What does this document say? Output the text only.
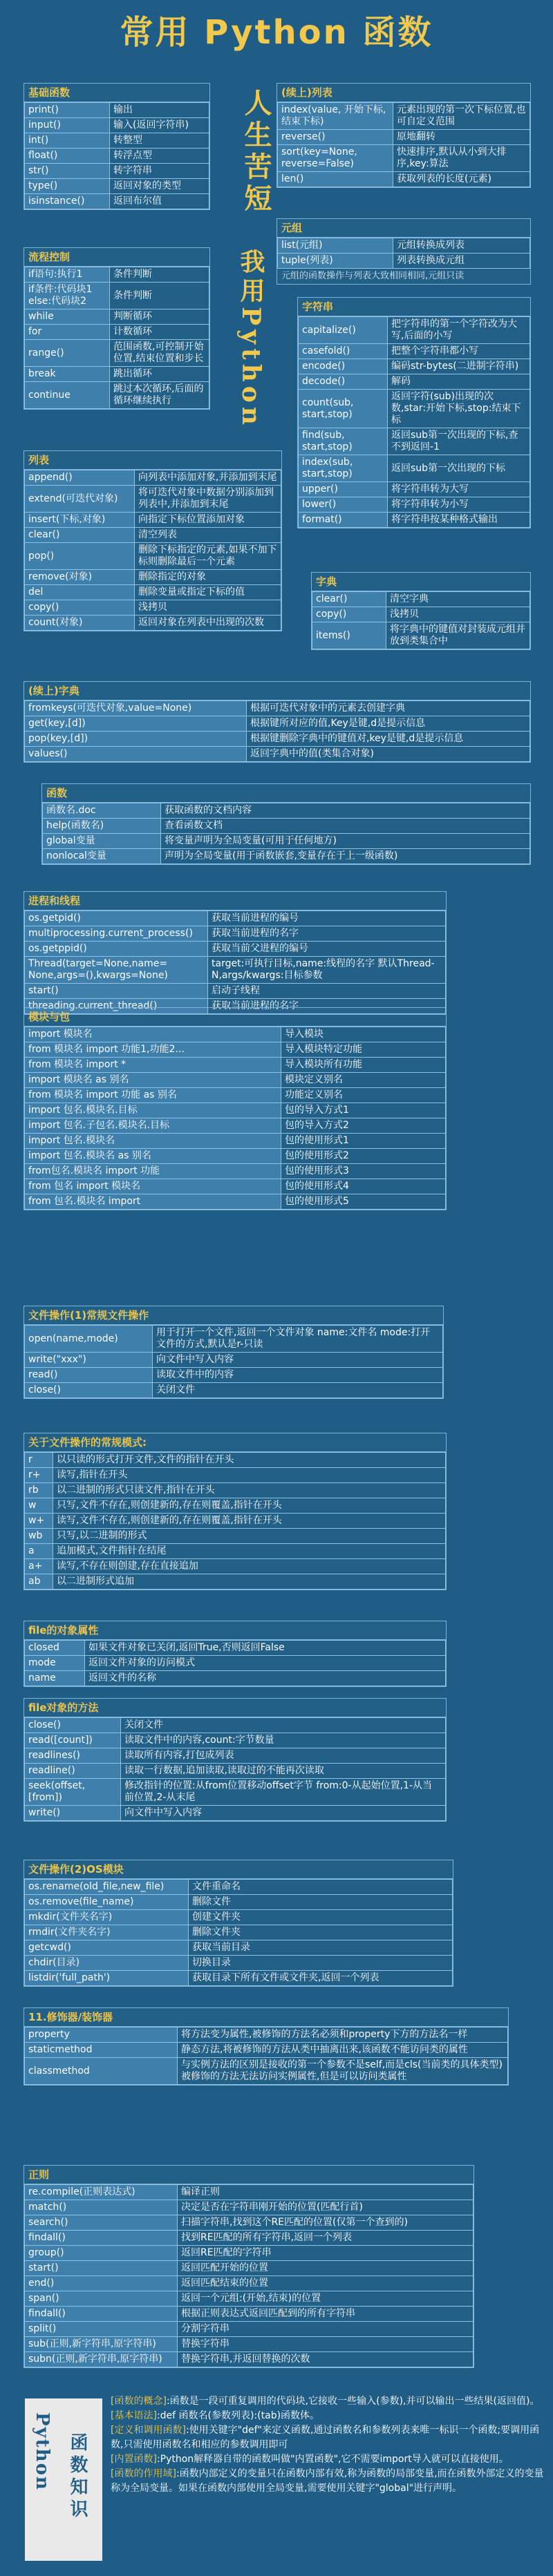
常用 Python 函数
人生苦短
我用Python
基础函数
print()	输出
input()	输入(返回字符串)
int()	转整型
float()	转浮点型
str()	转字符串
type()	返回对象的类型
isinstance()	返回布尔值
(续上)列表
index(value, 开始下标, 结束下标)	元素出现的第一次下标位置,也可自定义范围
reverse()	原地翻转
sort(key=None, reverse=False)	快速排序,默认从小到大排序,key:算法
len()	获取列表的长度(元素)
流程控制
if语句:执行1	条件判断
if条件:代码块1 else:代码块2	条件判断
while	判断循环
for	计数循环
range()	范围函数,可控制开始位置,结束位置和步长
break	跳出循环
continue	跳过本次循环,后面的循环继续执行
元组
list(元组)	元组转换成列表
tuple(列表)	列表转换成元组
元组的函数操作与列表大致相同相同,元组只读
字符串
capitalize()	把字符串的第一个字符改为大写,后面的小写
casefold()	把整个字符串都小写
encode()	编码str-bytes(二进制字符串)
decode()	解码
count(sub, start,stop)	返回字符(sub)出现的次数,star:开始下标,stop:结束下标
find(sub, start,stop)	返回sub第一次出现的下标,查不到返回-1
index(sub, start,stop)	返回sub第一次出现的下标
upper()	将字符串转为大写
lower()	将字符串转为小写
format()	将字符串按某种格式输出
列表
append()	向列表中添加对象,并添加到末尾
extend(可迭代对象)	将可迭代对象中数据分别添加到列表中,并添加到末尾
insert(下标,对象)	向指定下标位置添加对象
clear()	清空列表
pop()	删除下标指定的元素,如果不加下标则删除最后一个元素
remove(对象)	删除指定的对象
del	删除变量或指定下标的值
copy()	浅拷贝
count(对象)	返回对象在列表中出现的次数
字典
clear()	清空字典
copy()	浅拷贝
items()	将字典中的键值对封装成元组并放到类集合中
(续上)字典
fromkeys(可迭代对象,value=None)	根据可迭代对象中的元素去创建字典
get(key,[d])	根据键所对应的值,Key是键,d是提示信息
pop(key,[d])	根据键删除字典中的键值对,key是键,d是提示信息
values()	返回字典中的值(类集合对象)
函数
函数名.doc	获取函数的文档内容
help(函数名)	查看函数文档
global变量	将变量声明为全局变量(可用于任何地方)
nonlocal变量	声明为全局变量(用于函数嵌套,变量存在于上一级函数)
进程和线程
os.getpid()	获取当前进程的编号
multiprocessing.current_process()	获取当前进程的名字
os.getppid()	获取当前父进程的编号
Thread(target=None,name= None,args=(),kwargs=None)	target:可执行目标,name:线程的名字 默认Thread-N,args/kwargs:目标参数
start()	启动子线程
threading.current_thread()	获取当前进程的名字
模块与包
import 模块名	导入模块
from 模块名 import 功能1,功能2...	导入模块特定功能
from 模块名 import *	导入模块所有功能
import 模块名 as 别名	模块定义别名
from 模块名 import 功能 as 别名	功能定义别名
import 包名.模块名.目标	包的导入方式1
import 包名.子包名.模块名.目标	包的导入方式2
import 包名.模块名	包的使用形式1
import 包名.模块名 as 别名	包的使用形式2
from包名.模块名 import 功能	包的使用形式3
from 包名 import 模块名	包的使用形式4
from 包名.模块名 import	包的使用形式5
文件操作(1)常规文件操作
open(name,mode)	用于打开一个文件,返回一个文件对象 name:文件名 mode:打开文件的方式,默认是r-只读
write("xxx")	向文件中写入内容
read()	读取文件中的内容
close()	关闭文件
关于文件操作的常规模式:
r	以只读的形式打开文件,文件的指针在开头
r+	读写,指针在开头
rb	以二进制的形式只读文件,指针在开头
w	只写,文件不存在,则创建新的,存在则覆盖,指针在开头
w+	读写,文件不存在,则创建新的,存在则覆盖,指针在开头
wb	只写,以二进制的形式
a	追加模式,文件指针在结尾
a+	读写,不存在则创建,存在直接追加
ab	以二进制形式追加
file的对象属性
closed	如果文件对象已关闭,返回True,否则返回False
mode	返回文件对象的访问模式
name	返回文件的名称
file对象的方法
close()	关闭文件
read([count])	读取文件中的内容,count:字节数量
readlines()	读取所有内容,打包成列表
readline()	读取一行数据,追加读取,读取过的不能再次读取
seek(offset, [from])	修改指针的位置:从from位置移动offset字节 from:0-从起始位置,1-从当前位置,2-从末尾
write()	向文件中写入内容
文件操作(2)OS模块
os.rename(old_file,new_file)	文件重命名
os.remove(file_name)	删除文件
mkdir(文件夹名字)	创建文件夹
rmdir(文件夹名字)	删除文件夹
getcwd()	获取当前目录
chdir(目录)	切换目录
listdir('full_path')	获取目录下所有文件或文件夹,返回一个列表
11.修饰器/装饰器
property	将方法变为属性,被修饰的方法名必须和property下方的方法名一样
staticmethod	静态方法,将被修饰的方法从类中抽离出来,该函数不能访问类的属性
classmethod	与实例方法的区别是接收的第一个参数不是self,而是cls(当前类的具体类型)被修饰的方法无法访问实例属性,但是可以访问类属性
正则
re.compile(正则表达式)	编译正则
match()	决定是否在字符串刚开始的位置(匹配行首)
search()	扫描字符串,找到这个RE匹配的位置(仅第一个查到的)
findall()	找到RE匹配的所有字符串,返回一个列表
group()	返回RE匹配的字符串
start()	返回匹配开始的位置
end()	返回匹配结束的位置
span()	返回一个元组:(开始,结束)的位置
findall()	根据正则表达式返回匹配到的所有字符串
split()	分割字符串
sub(正则,新字符串,原字符串)	替换字符串
subn(正则,新字符串,原字符串)	替换字符串,并返回替换的次数
Python 函数知识
[函数的概念]:函数是一段可重复调用的代码块,它接收一些输入(参数),并可以输出一些结果(返回值)。[基本语法]:def 函数名(参数列表):(tab)函数体。
[定义和调用函数]:使用关键字"def"来定义函数,通过函数名和参数列表来唯一标识一个函数;要调用函数,只需使用函数名和相应的参数调用即可
[内置函数]:Python解释器自带的函数叫做"内置函数",它不需要import导入就可以直接使用。
[函数的作用域]:函数内部定义的变量只在函数内部有效,称为函数的局部变量,而在函数外部定义的变量称为全局变量。如果在函数内部使用全局变量,需要使用关键字"global"进行声明。
